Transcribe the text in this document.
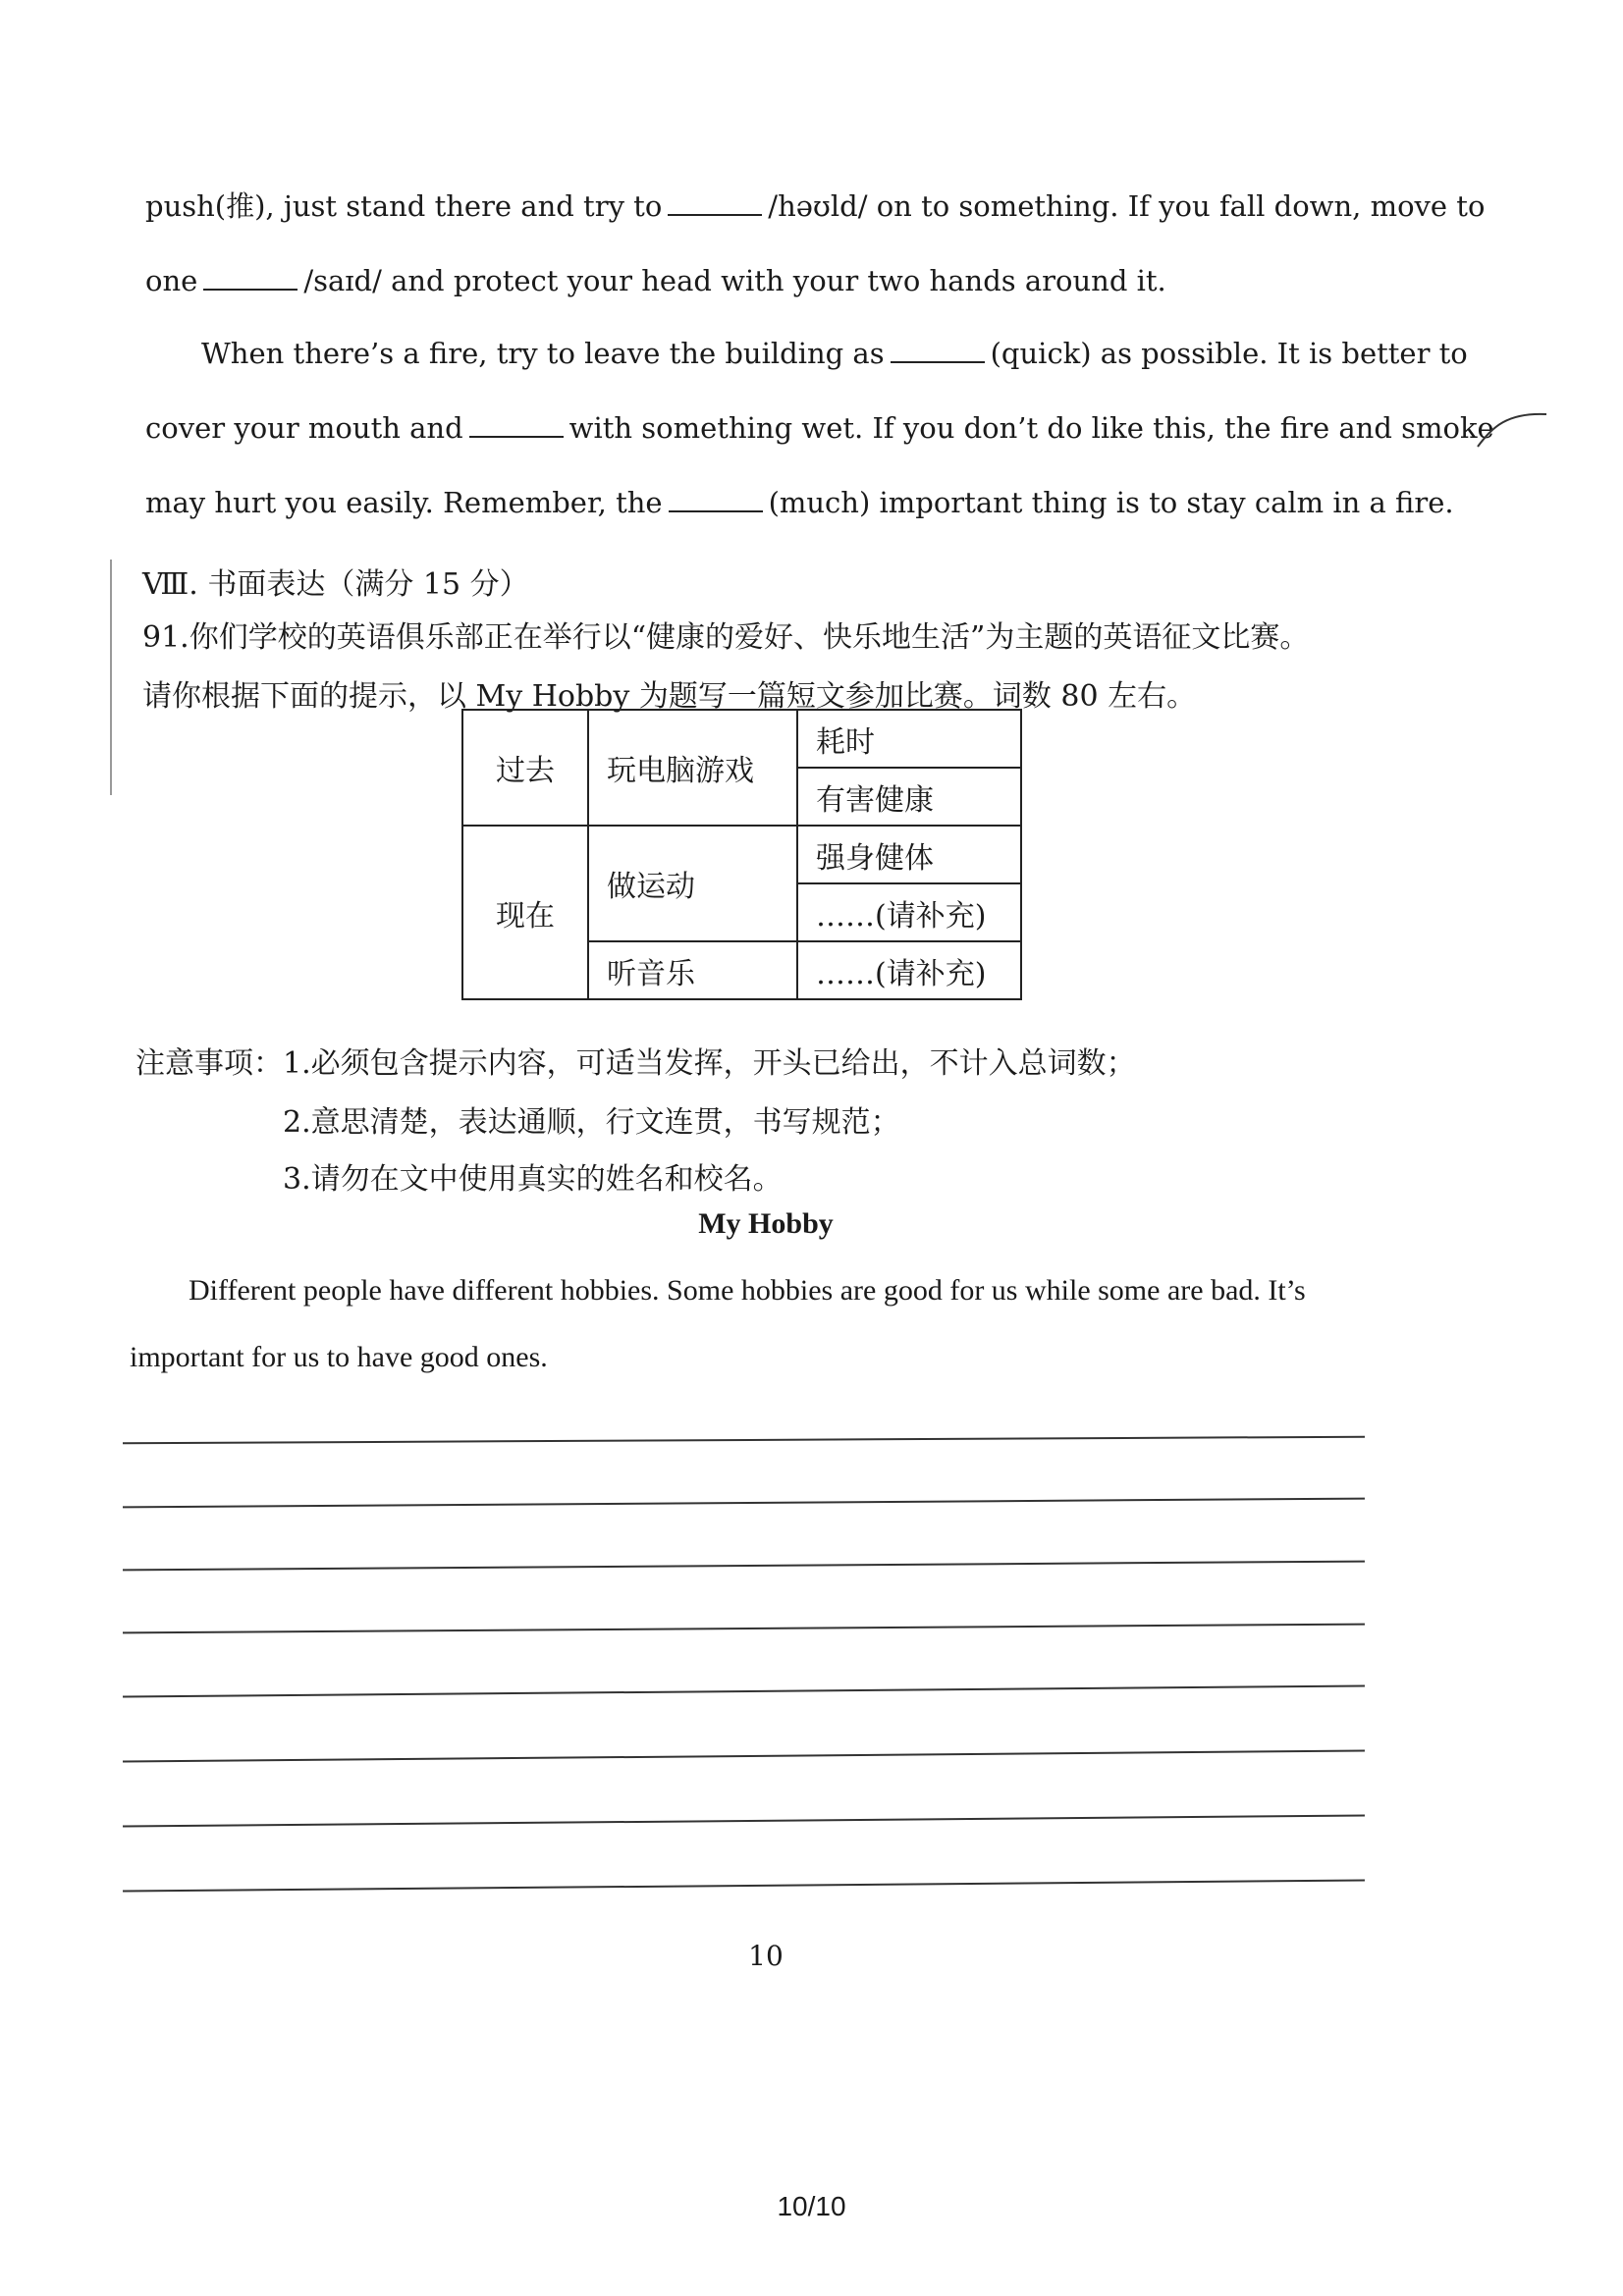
push(推), just stand there and try to	/həʊld/ on to something. If you fall down, move to
one	/saɪd/ and protect your head with your two hands around it.
When there’s a fire, try to leave the building as	(quick) as possible. It is better to
cover your mouth and	with something wet. If you don’t do like this, the fire and smoke
may hurt you easily. Remember, the	(much) important thing is to stay calm in a fire.
Ⅷ. 书面表达（满分 15 分）
91.你们学校的英语俱乐部正在举行以“健康的爱好、快乐地生活”为主题的英语征文比赛。
请你根据下面的提示，以 My Hobby 为题写一篇短文参加比赛。词数 80 左右。
过去	玩电脑游戏	耗时
		有害健康
现在	做运动	强身健体
		……(请补充)
	听音乐	……(请补充)
注意事项： 1.必须包含提示内容，可适当发挥，开头已给出，不计入总词数；
2.意思清楚，表达通顺，行文连贯，书写规范；
3.请勿在文中使用真实的姓名和校名。
My Hobby
Different people have different hobbies. Some hobbies are good for us while some are bad. It’s
important for us to have good ones.
10
10/10
